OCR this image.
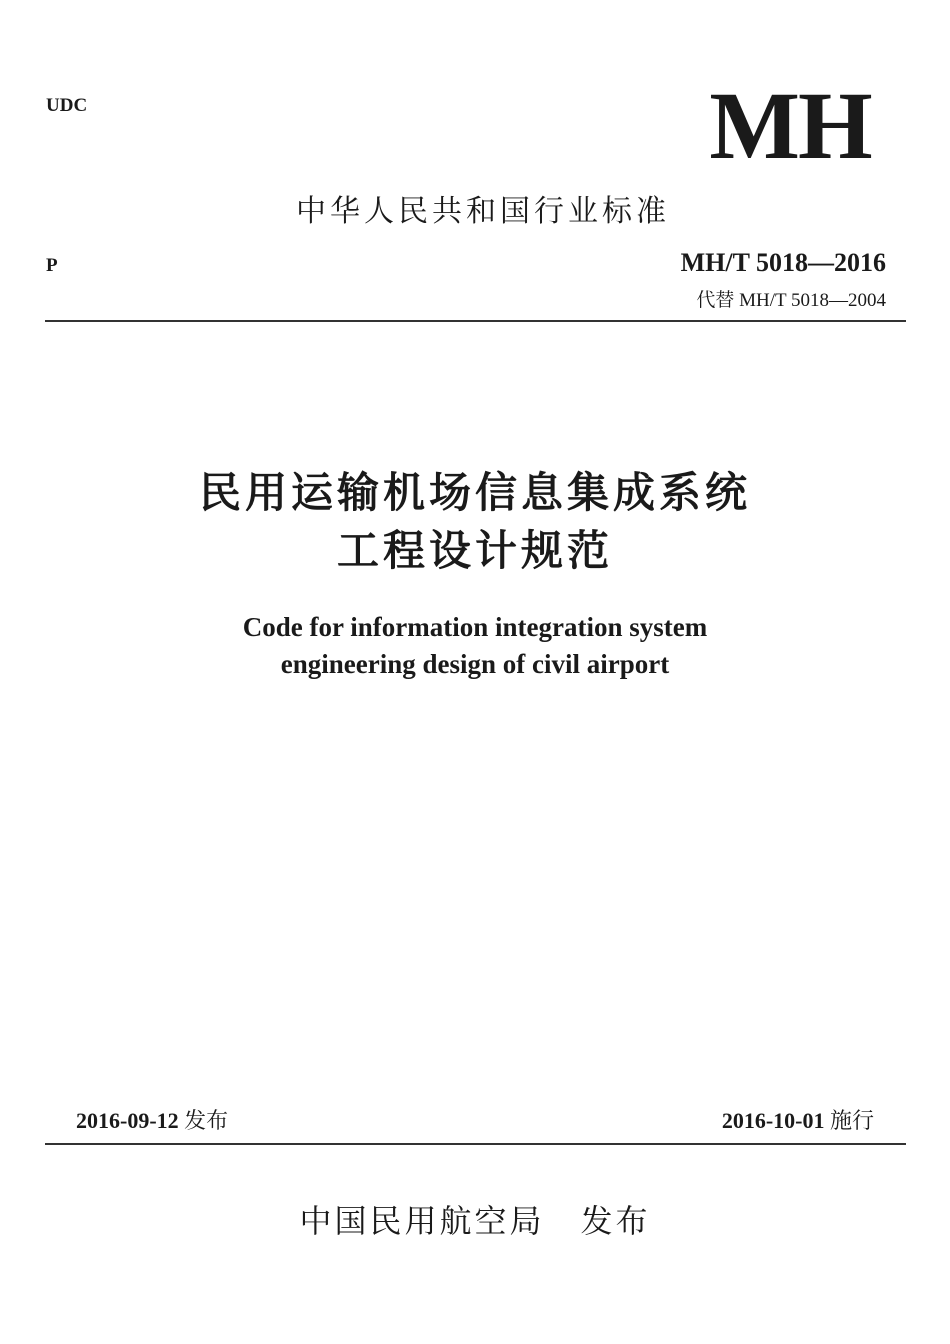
UDC	MH
中华人民共和国行业标准
P	MH/T 5018—2016
代替 MH/T 5018—2004
民用运输机场信息集成系统
工程设计规范
Code for information integration system
engineering design of civil airport
2016-09-12 发布	2016-10-01 施行
中国民用航空局 发布
